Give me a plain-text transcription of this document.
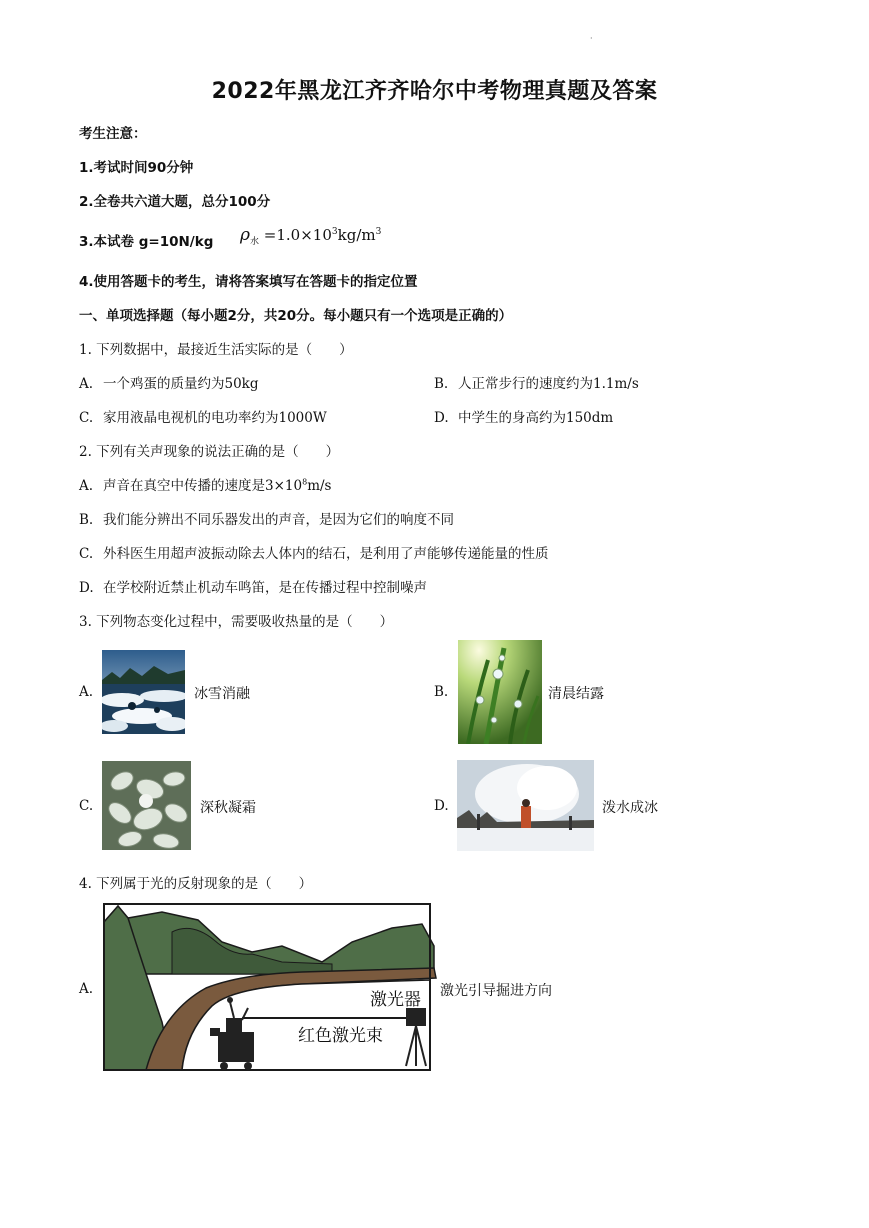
·
2022年黑龙江齐齐哈尔中考物理真题及答案
考生注意：
1.考试时间90分钟
2.全卷共六道大题，总分100分
3.本试卷 g=10N/kg $\rho_水 =1.0\times 10^3kg/m^3$
4.使用答题卡的考生，请将答案填写在答题卡的指定位置
一、单项选择题（每小题2分，共20分。每小题只有一个选项是正确的）
1. 下列数据中，最接近生活实际的是（　　）
A. 一个鸡蛋的质量约为50kg	B. 人正常步行的速度约为1.1m/s
C. 家用液晶电视机的电功率约为1000W	D. 中学生的身高约为150dm
2. 下列有关声现象的说法正确的是（　　）
A. 声音在真空中传播的速度是$3\times 10^8m/s$
B. 我们能分辨出不同乐器发出的声音，是因为它们的响度不同
C. 外科医生用超声波振动除去人体内的结石，是利用了声能够传递能量的性质
D. 在学校附近禁止机动车鸣笛，是在传播过程中控制噪声
3. 下列物态变化过程中，需要吸收热量的是（　　）
A.	冰雪消融	B.	清晨结露
C.	深秋凝霜	D.	泼水成冰
4. 下列属于光的反射现象的是（　　）
A.
激光器
红色激光束
激光引导掘进方向
